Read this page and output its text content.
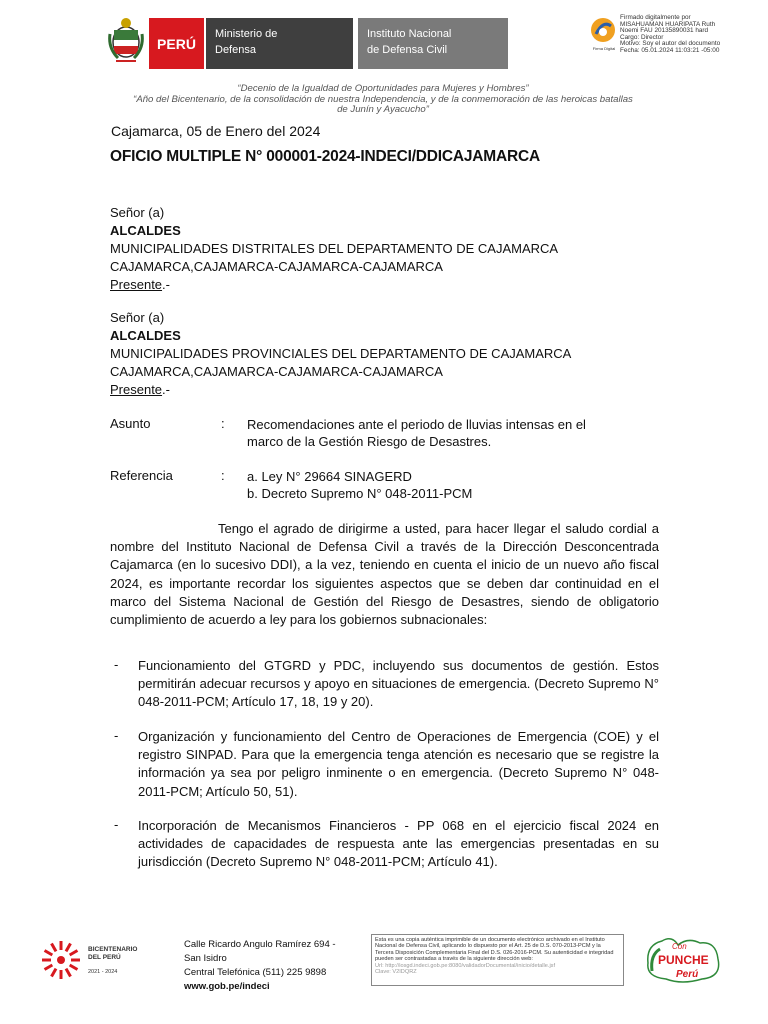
PERÚ
Ministerio de
Defensa
Instituto Nacional
de Defensa Civil	Firma Digital
Firmado digitalmente por
MISAHUAMAN HUARIPATA Ruth
Noemi FAU 20135890031 hard
Cargo: Director
Motivo: Soy el autor del documento
Fecha: 05.01.2024 11:03:21 -05:00
“Decenio de la Igualdad de Oportunidades para Mujeres y Hombres”
“Año del Bicentenario, de la consolidación de nuestra Independencia, y de la conmemoración de las heroicas batallas
de Junín y Ayacucho”
Cajamarca, 05 de Enero del 2024
OFICIO MULTIPLE N° 000001-2024-INDECI/DDICAJAMARCA
Señor (a)
ALCALDES
MUNICIPALIDADES DISTRITALES DEL DEPARTAMENTO DE CAJAMARCA
CAJAMARCA,CAJAMARCA-CAJAMARCA-CAJAMARCA
Presente.-
Señor (a)
ALCALDES
MUNICIPALIDADES PROVINCIALES DEL DEPARTAMENTO DE CAJAMARCA
CAJAMARCA,CAJAMARCA-CAJAMARCA-CAJAMARCA
Presente.-
Asunto	: Recomendaciones ante el periodo de lluvias intensas en el
marco de la Gestión Riesgo de Desastres.
Referencia	: a. Ley N° 29664 SINAGERD
b. Decreto Supremo N° 048-2011-PCM
Tengo el agrado de dirigirme a usted, para hacer llegar el saludo cordial a nombre del Instituto Nacional de Defensa Civil a través de la Dirección Desconcentrada Cajamarca (en lo sucesivo DDI), a la vez, teniendo en cuenta el inicio de un nuevo año fiscal 2024, es importante recordar los siguientes aspectos que se deben dar continuidad en el marco del Sistema Nacional de Gestión del Riesgo de Desastres, siendo de obligatorio cumplimiento de acuerdo a ley para los gobiernos subnacionales:
- Funcionamiento del GTGRD y PDC, incluyendo sus documentos de gestión. Estos permitirán adecuar recursos y apoyo en situaciones de emergencia. (Decreto Supremo N° 048-2011-PCM; Artículo 17, 18, 19 y 20).
- Organización y funcionamiento del Centro de Operaciones de Emergencia (COE) y el registro SINPAD. Para que la emergencia tenga atención es necesario que se registre la información ya sea por peligro inminente o en emergencia. (Decreto Supremo N° 048-2011-PCM; Artículo 50, 51).
- Incorporación de Mecanismos Financieros - PP 068 en el ejercicio fiscal 2024 en actividades de capacidades de respuesta ante las emergencias presentadas en su jurisdicción (Decreto Supremo N° 048-2011-PCM; Artículo 41).
BICENTENARIO
DEL PERÚ
2021 - 2024
Calle Ricardo Angulo Ramírez 694 -
San Isidro
Central Telefónica (511) 225 9898
www.gob.pe/indeci
Esta es una copia auténtica imprimible de un documento electrónico archivado en el Instituto Nacional de Defensa Civil, aplicando lo dispuesto por el Art. 25 de D.S. 070-2013-PCM y la Tercera Disposición Complementaria Final del D.S. 026-2016-PCM. Su autenticidad e integridad pueden ser contrastadas a través de la siguiente dirección web:
Url: http://iosgd.indeci.gob.pe:8080/validadorDocumental/inicio/detalle.jsf
Clave: V2IDQRZ
Con
PUNCHE
Perú
